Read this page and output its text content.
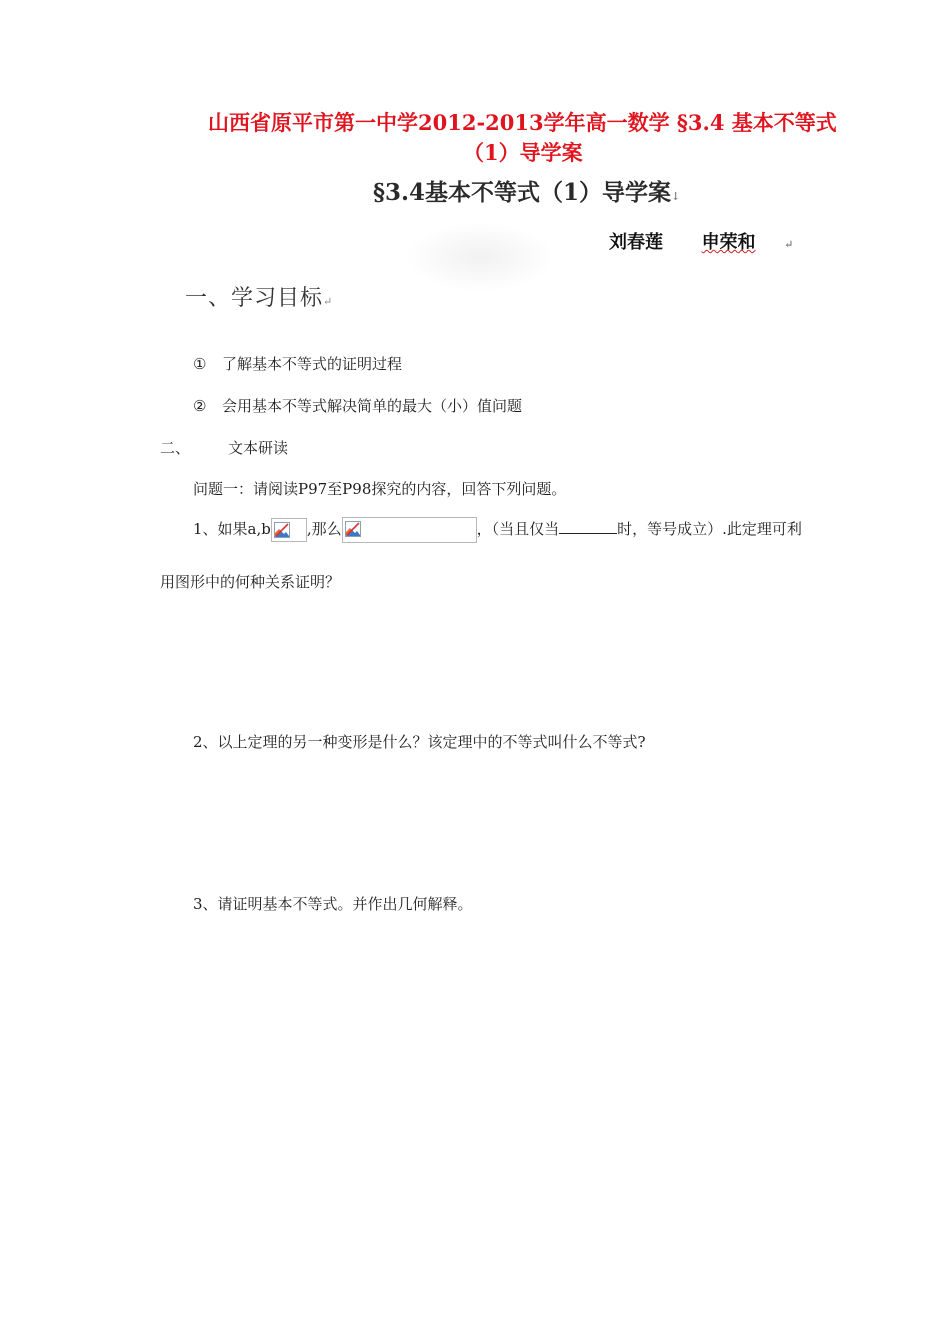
山西省原平市第一中学2012-2013学年高一数学 §3.4 基本不等式
（1）导学案
§3.4基本不等式（1）导学案↓
刘春莲 申荣和	↵
一、学习目标↵
① 了解基本不等式的证明过程
② 会用基本不等式解决简单的最大（小）值问题
二、	文本研读
问题一：请阅读P97至P98探究的内容，回答下列问题。
1、如果a,b ,那么	，（当且仅当	时，等号成立）.此定理可利
用图形中的何种关系证明？
2、以上定理的另一种变形是什么？该定理中的不等式叫什么不等式?
3、请证明基本不等式。并作出几何解释。
